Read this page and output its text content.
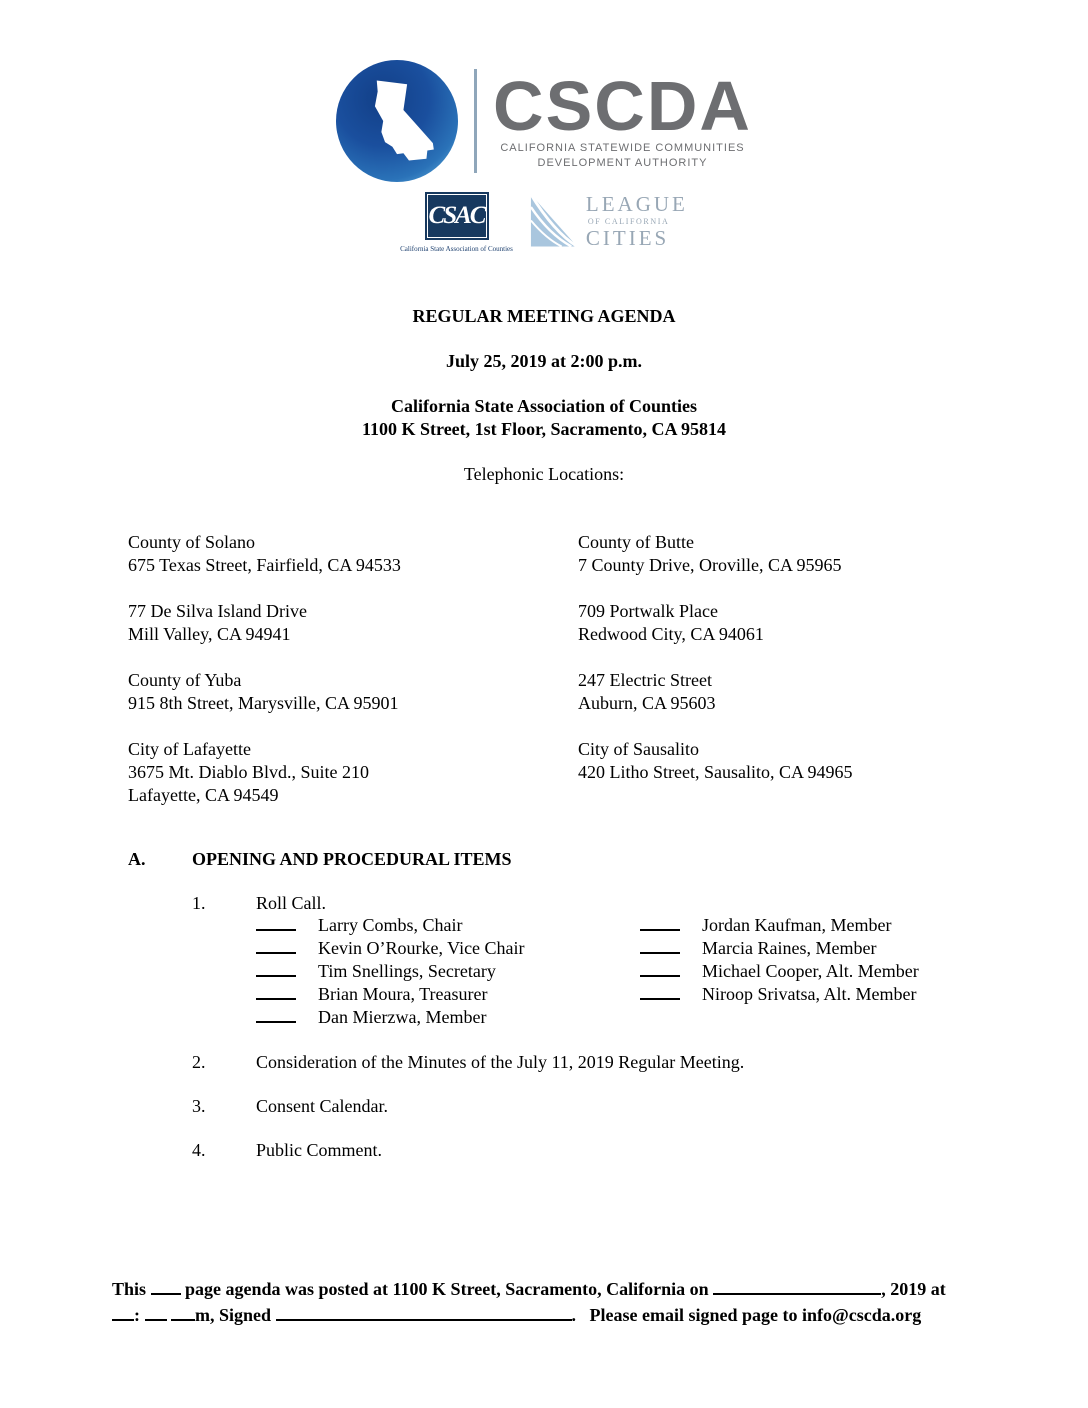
CSCDA
CALIFORNIA STATEWIDE COMMUNITIES
DEVELOPMENT AUTHORITY
CSAC
California State Association of Counties
LEAGUE
OF CALIFORNIA
CITIES
REGULAR MEETING AGENDA
July 25, 2019 at 2:00 p.m.
California State Association of Counties
1100 K Street, 1st Floor, Sacramento, CA 95814
Telephonic Locations:
County of Solano
675 Texas Street, Fairfield, CA 94533
County of Butte
7 County Drive, Oroville, CA 95965
77 De Silva Island Drive
Mill Valley, CA 94941
709 Portwalk Place
Redwood City, CA 94061
County of Yuba
915 8th Street, Marysville, CA 95901
247 Electric Street
Auburn, CA 95603
City of Lafayette
3675 Mt. Diablo Blvd., Suite 210
Lafayette, CA 94549
City of Sausalito
420 Litho Street, Sausalito, CA 94965
A.	OPENING AND PROCEDURAL ITEMS
1.	Roll Call.
Larry Combs, Chair
Kevin O’Rourke, Vice Chair
Tim Snellings, Secretary
Brian Moura, Treasurer
Dan Mierzwa, Member
Jordan Kaufman, Member
Marcia Raines, Member
Michael Cooper, Alt. Member
Niroop Srivatsa, Alt. Member
2.	Consideration of the Minutes of the July 11, 2019 Regular Meeting.
3.	Consent Calendar.
4.	Public Comment.
This  page agenda was posted at 1100 K Street, Sacramento, California on	, 2019 at
:	m, Signed	.   Please email signed page to info@cscda.org
